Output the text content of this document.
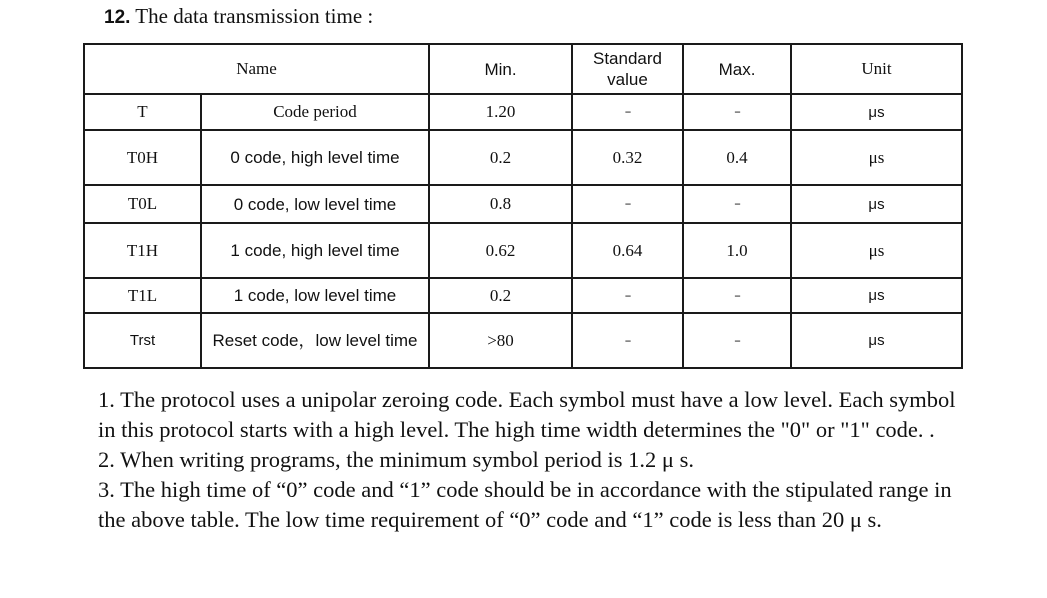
12. The data transmission time :
Name		Min.	Standard value	Max.	Unit
T	Code period	1.20	--	--	μs
T0H	0 code, high level time	0.2	0.32	0.4	μs
T0L	0 code, low level time	0.8	--	--	μs
T1H	1 code, high level time	0.62	0.64	1.0	μs
T1L	1 code, low level time	0.2	--	--	μs
Trst	Reset code，low level time	>80	--	--	μs

1. The protocol uses a unipolar zeroing code. Each symbol must have a low level. Each symbol in this protocol starts with a high level. The high time width determines the "0" or "1" code. .

2. When writing programs, the minimum symbol period is 1.2 μ s.

3. The high time of “0” code and “1” code should be in accordance with the stipulated range in the above table. The low time requirement of “0” code and “1” code is less than 20 μ s.
